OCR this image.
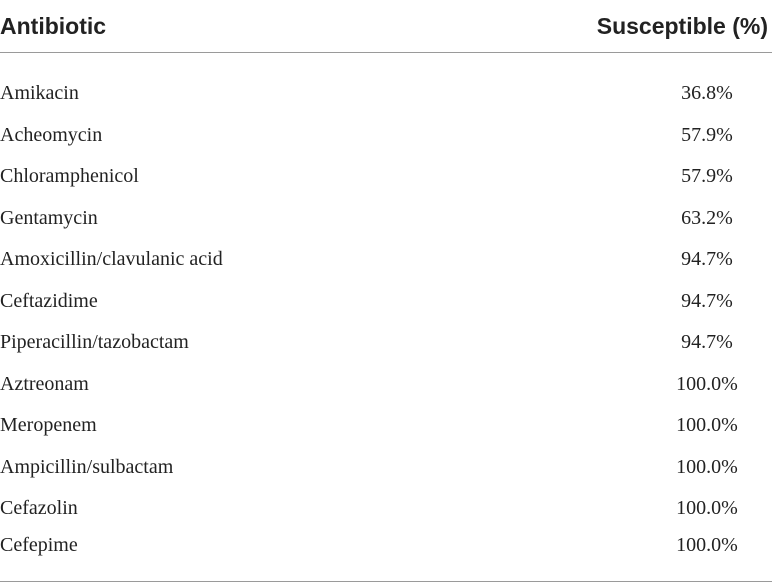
Antibiotic	Susceptible (%)

Amikacin	36.8%
Acheomycin	57.9%
Chloramphenicol	57.9%
Gentamycin	63.2%
Amoxicillin/clavulanic acid	94.7%
Ceftazidime	94.7%
Piperacillin/tazobactam	94.7%
Aztreonam	100.0%
Meropenem	100.0%
Ampicillin/sulbactam	100.0%
Cefazolin	100.0%
Cefepime	100.0%
